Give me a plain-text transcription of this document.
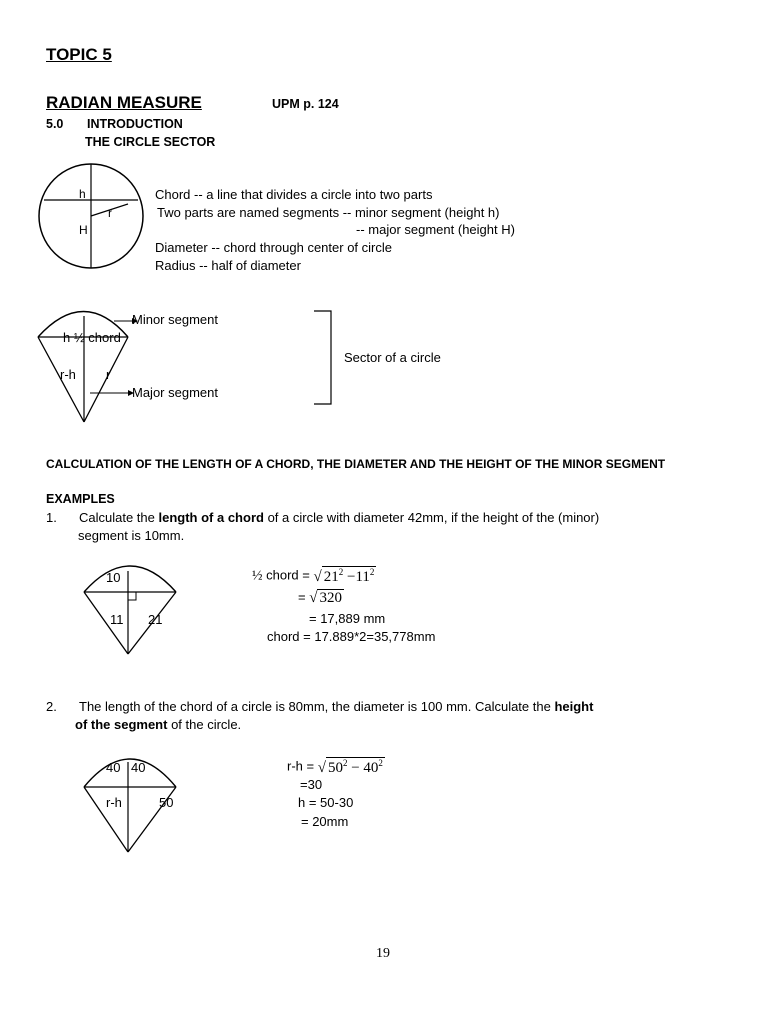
TOPIC 5
RADIAN MEASURE	UPM p. 124
5.0 INTRODUCTION
THE CIRCLE SECTOR
h
r
H
Chord -- a line that divides a circle into two parts
Two parts are named segments -- minor segment (height h)
-- major segment (height H)
Diameter -- chord through center of circle
Radius -- half of diameter
Minor segment
h ½ chord
r-h r
Major segment
Sector of a circle
CALCULATION OF THE LENGTH OF A CHORD, THE DIAMETER AND THE HEIGHT OF THE MINOR SEGMENT
EXAMPLES
1. Calculate the length of a chord of a circle with diameter 42mm, if the height of the (minor)
segment is 10mm.
10
11 21
½ chord = √ $21^2 -11^2$
= √ 320
= 17,889 mm
chord = 17.889*2=35,778mm
2. The length of the chord of a circle is 80mm, the diameter is 100 mm. Calculate the height
of the segment of the circle.
40 40
r-h	50
r-h = √ $50^2 - 40^2$
=30
h = 50-30
= 20mm
19
